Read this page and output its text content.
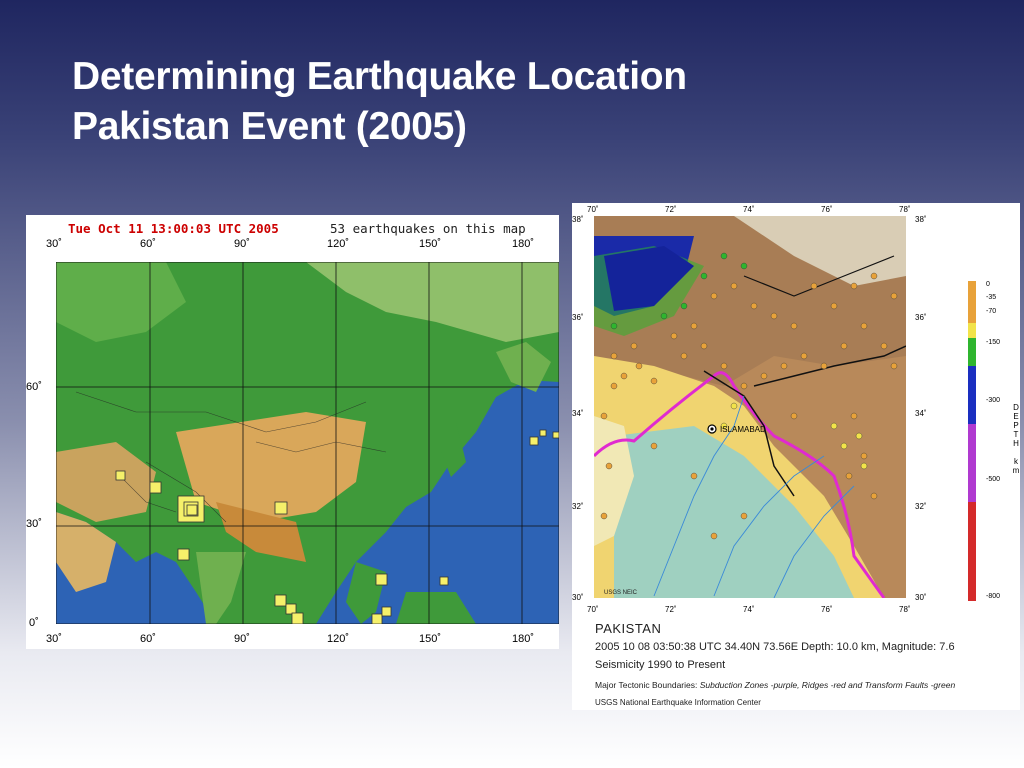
Determining Earthquake Location
Pakistan Event (2005)
Tue Oct 11 13:00:03 UTC 2005	53 earthquakes on this map
30˚	60˚	90˚	120˚	150˚	180˚
30˚	60˚	90˚	120˚	150˚	180˚
60˚
30˚
0˚
70˚	72˚	74˚	76˚	78˚
70˚	72˚	74˚	76˚	78˚
38˚
36˚
34˚
32˚
30˚
38˚
36˚
34˚
32˚
30˚
ISLAMABAD
USGS NEIC
0
-35
-70
-150
-300
-500
-800
D
E
P
T
H
k
m
PAKISTAN
2005 10 08 03:50:38 UTC 34.40N 73.56E Depth: 10.0 km, Magnitude: 7.6
Seismicity 1990 to Present
Major Tectonic Boundaries: Subduction Zones -purple, Ridges -red and Transform Faults -green
USGS National Earthquake Information Center
